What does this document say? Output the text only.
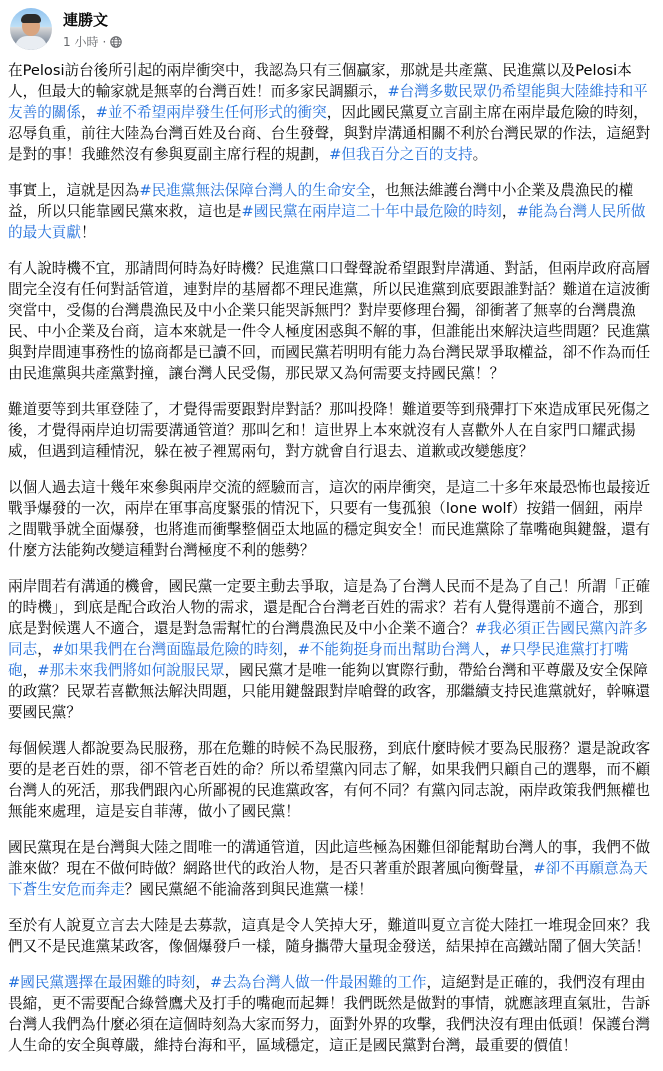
連勝文
1 小時 ·

在Pelosi訪台後所引起的兩岸衝突中，我認為只有三個贏家，那就是共產黨、民進黨以及Pelosi本人，但最大的輸家就是無辜的台灣百姓！而多家民調顯示，#台灣多數民眾仍希望能與大陸維持和平友善的關係，#並不希望兩岸發生任何形式的衝突，因此國民黨夏立言副主席在兩岸最危險的時刻，忍辱負重，前往大陸為台灣百姓及台商、台生發聲，與對岸溝通相關不利於台灣民眾的作法，這絕對是對的事！我雖然沒有參與夏副主席行程的規劃，#但我百分之百的支持。

事實上，這就是因為#民進黨無法保障台灣人的生命安全，也無法維護台灣中小企業及農漁民的權益，所以只能靠國民黨來救，這也是#國民黨在兩岸這二十年中最危險的時刻，#能為台灣人民所做的最大貢獻！

有人說時機不宜，那請問何時為好時機？民進黨口口聲聲說希望跟對岸溝通、對話，但兩岸政府高層間完全沒有任何對話管道，連對岸的基層都不理民進黨，所以民進黨到底要跟誰對話？難道在這波衝突當中，受傷的台灣農漁民及中小企業只能哭訴無門？對岸要修理台獨，卻衝著了無辜的台灣農漁民、中小企業及台商，這本來就是一件令人極度困惑與不解的事，但誰能出來解決這些問題？民進黨與對岸間連事務性的協商都是已讀不回，而國民黨若明明有能力為台灣民眾爭取權益，卻不作為而任由民進黨與共產黨對撞，讓台灣人民受傷，那民眾又為何需要支持國民黨！？

難道要等到共軍登陸了，才覺得需要跟對岸對話？那叫投降！難道要等到飛彈打下來造成軍民死傷之後，才覺得兩岸迫切需要溝通管道？那叫乞和！這世界上本來就沒有人喜歡外人在自家門口耀武揚威，但遇到這種情況，躲在被子裡罵兩句，對方就會自行退去、道歉或改變態度？

以個人過去這十幾年來參與兩岸交流的經驗而言，這次的兩岸衝突，是這二十多年來最恐怖也最接近戰爭爆發的一次，兩岸在軍事高度緊張的情況下，只要有一隻孤狼（lone wolf）按錯一個鈕，兩岸之間戰爭就全面爆發，也將進而衝擊整個亞太地區的穩定與安全！而民進黨除了靠嘴砲與鍵盤，還有什麼方法能夠改變這種對台灣極度不利的態勢？

兩岸間若有溝通的機會，國民黨一定要主動去爭取，這是為了台灣人民而不是為了自己！所謂「正確的時機」，到底是配合政治人物的需求，還是配合台灣老百姓的需求？若有人覺得選前不適合，那到底是對候選人不適合，還是對急需幫忙的台灣農漁民及中小企業不適合？#我必須正告國民黨內許多同志，#如果我們在台灣面臨最危險的時刻，#不能夠挺身而出幫助台灣人，#只學民進黨打打嘴砲，#那未來我們將如何說服民眾，國民黨才是唯一能夠以實際行動，帶給台灣和平尊嚴及安全保障的政黨？民眾若喜歡無法解決問題，只能用鍵盤跟對岸嗆聲的政客，那繼續支持民進黨就好，幹嘛還要國民黨？

每個候選人都說要為民服務，那在危難的時候不為民服務，到底什麼時候才要為民服務？還是說政客要的是老百姓的票，卻不管老百姓的命？所以希望黨內同志了解，如果我們只顧自己的選舉，而不顧台灣人的死活，那我們跟內心所鄙視的民進黨政客，有何不同？有黨內同志說，兩岸政策我們無權也無能來處理，這是妄自菲薄，做小了國民黨！

國民黨現在是台灣與大陸之間唯一的溝通管道，因此這些極為困難但卻能幫助台灣人的事，我們不做誰來做？現在不做何時做？網路世代的政治人物，是否只著重於跟著風向衡聲量，#卻不再願意為天下蒼生安危而奔走？國民黨絕不能淪落到與民進黨一樣！

至於有人說夏立言去大陸是去募款，這真是令人笑掉大牙，難道叫夏立言從大陸扛一堆現金回來？我們又不是民進黨某政客，像個爆發戶一樣，隨身攜帶大量現金發送，結果掉在高鐵站鬧了個大笑話！

#國民黨選擇在最困難的時刻，#去為台灣人做一件最困難的工作，這絕對是正確的，我們沒有理由畏縮，更不需要配合綠營鷹犬及打手的嘴砲而起舞！我們既然是做對的事情，就應該理直氣壯，告訴台灣人我們為什麼必須在這個時刻為大家而努力，面對外界的攻擊，我們決沒有理由低頭！保護台灣人生命的安全與尊嚴，維持台海和平，區域穩定，這正是國民黨對台灣，最重要的價值！
